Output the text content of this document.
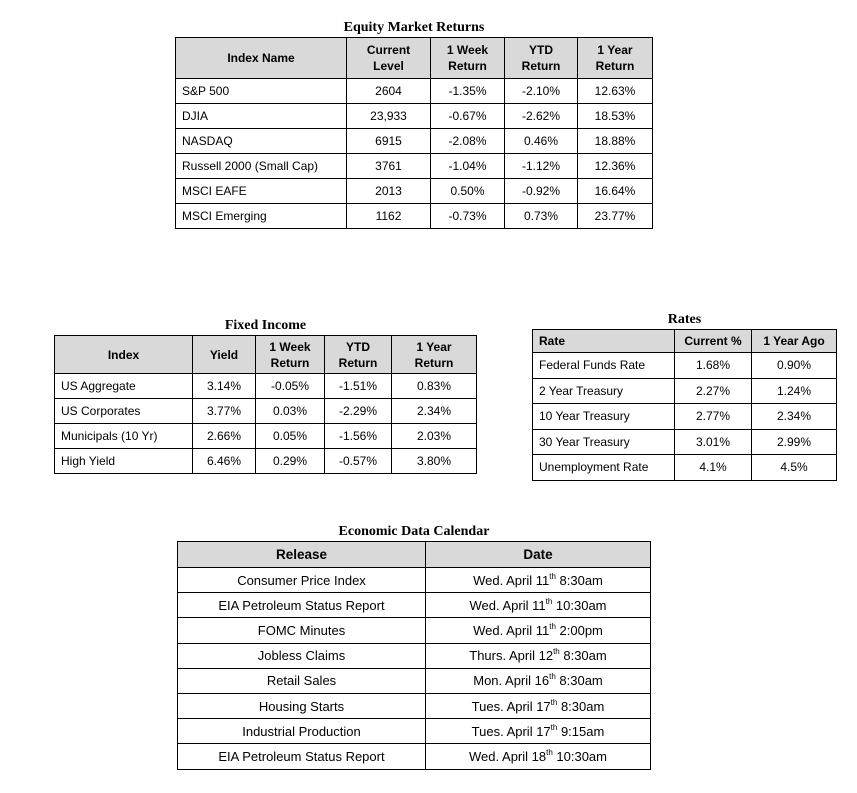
Equity Market Returns
Index Name	Current Level	1 Week Return	YTD Return	1 Year Return
S&P 500	2604	-1.35%	-2.10%	12.63%
DJIA	23,933	-0.67%	-2.62%	18.53%
NASDAQ	6915	-2.08%	0.46%	18.88%
Russell 2000 (Small Cap)	3761	-1.04%	-1.12%	12.36%
MSCI EAFE	2013	0.50%	-0.92%	16.64%
MSCI Emerging	1162	-0.73%	0.73%	23.77%
Fixed Income
Index	Yield	1 Week Return	YTD Return	1 Year Return
US Aggregate	3.14%	-0.05%	-1.51%	0.83%
US Corporates	3.77%	0.03%	-2.29%	2.34%
Municipals (10 Yr)	2.66%	0.05%	-1.56%	2.03%
High Yield	6.46%	0.29%	-0.57%	3.80%
Rates
Rate	Current %	1 Year Ago
Federal Funds Rate	1.68%	0.90%
2 Year Treasury	2.27%	1.24%
10 Year Treasury	2.77%	2.34%
30 Year Treasury	3.01%	2.99%
Unemployment Rate	4.1%	4.5%
Economic Data Calendar
Release	Date
Consumer Price Index	Wed. April 11th 8:30am
EIA Petroleum Status Report	Wed. April 11th 10:30am
FOMC Minutes	Wed. April 11th 2:00pm
Jobless Claims	Thurs. April 12th 8:30am
Retail Sales	Mon. April 16th 8:30am
Housing Starts	Tues. April 17th 8:30am
Industrial Production	Tues. April 17th 9:15am
EIA Petroleum Status Report	Wed. April 18th 10:30am
